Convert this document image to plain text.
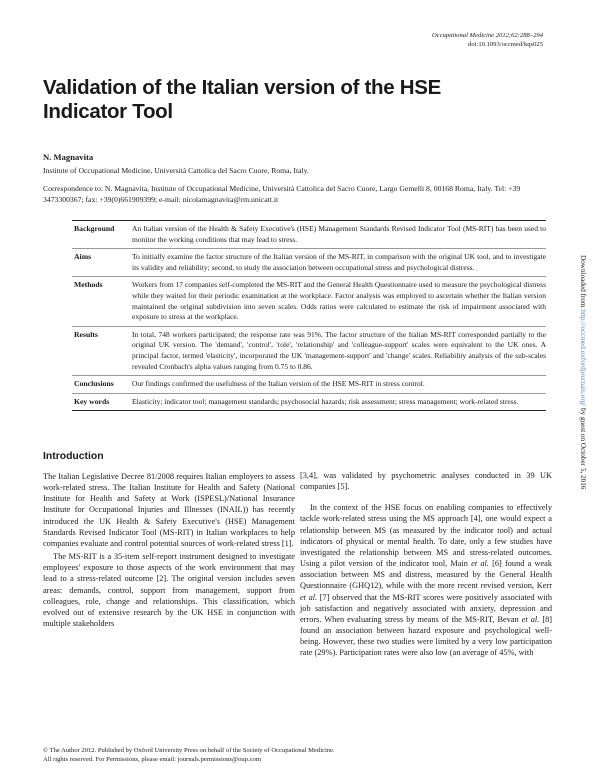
Occupational Medicine 2012;62:288–294
doi:10.1093/occmed/kqs025
Validation of the Italian version of the HSE Indicator Tool
N. Magnavita
Institute of Occupational Medicine, Università Cattolica del Sacro Cuore, Roma, Italy.
Correspondence to: N. Magnavita, Institute of Occupational Medicine, Università Cattolica del Sacro Cuore, Largo Gemelli 8, 00168 Roma, Italy. Tel: +39 3473300367; fax: +39(0)661909399; e-mail: nicolamagnavita@rm.unicatt.it
Background	An Italian version of the Health & Safety Executive's (HSE) Management Standards Revised Indicator Tool (MS-RIT) has been used to monitor the working conditions that may lead to stress.
Aims	To initially examine the factor structure of the Italian version of the MS-RIT, in comparison with the original UK tool, and to investigate its validity and reliability; second, to study the association between occupational stress and psychological distress.
Methods	Workers from 17 companies self-completed the MS-RIT and the General Health Questionnaire used to measure the psychological distress while they waited for their periodic examination at the workplace. Factor analysis was employed to ascertain whether the Italian version maintained the original subdivision into seven scales. Odds ratios were calculated to estimate the risk of impairment associated with exposure to stress at the workplace.
Results	In total, 748 workers participated; the response rate was 91%. The factor structure of the Italian MS-RIT corresponded partially to the original UK version. The 'demand', 'control', 'role', 'relationship' and 'colleague-support' scales were equivalent to the UK ones. A principal factor, termed 'elasticity', incorporated the UK 'management-support' and 'change' scales. Reliability analysis of the sub-scales revealed Cronbach's alpha values ranging from 0.75 to 0.86.
Conclusions	Our findings confirmed the usefulness of the Italian version of the HSE MS-RIT in stress control.
Key words	Elasticity; indicator tool; management standards; psychosocial hazards; risk assessment; stress management; work-related stress.
Downloaded from http://occmed.oxfordjournals.org/ by guest on October 5, 2016
Introduction

The Italian Legislative Decree 81/2008 requires Italian employers to assess work-related stress. The Italian Institute for Health and Safety (National Institute for Health and Safety at Work (ISPESL)/National Insurance Institute for Occupational Injuries and Illnesses (INAIL)) has recently introduced the UK Health & Safety Executive's (HSE) Management Standards Revised Indicator Tool (MS-RIT) in Italian workplaces to help companies evaluate and control potential sources of work-related stress [1].

The MS-RIT is a 35-item self-report instrument designed to investigate employees' exposure to those aspects of the work environment that may lead to a stress-related outcome [2]. The original version includes seven areas: demands, control, support from management, support from colleagues, role, change and relationships. This classification, which evolved out of extensive research by the UK HSE in conjunction with multiple stakeholders

[3,4], was validated by psychometric analyses conducted in 39 UK companies [5].

In the context of the HSE focus on enabling companies to effectively tackle work-related stress using the MS approach [4], one would expect a relationship between MS (as measured by the indicator tool) and actual indicators of physical or mental health. To date, only a few studies have investigated the relationship between MS and stress-related outcomes. Using a pilot version of the indicator tool, Main et al. [6] found a weak association between MS and distress, measured by the General Health Questionnaire (GHQ12), while with the more recent revised version, Kerr et al. [7] observed that the MS-RIT scores were positively associated with job satisfaction and negatively associated with anxiety, depression and errors. When evaluating stress by means of the MS-RIT, Bevan et al. [8] found an association between hazard exposure and psychological well-being. However, these two studies were limited by a very low participation rate (29%). Participation rates were also low (an average of 45%, with

© The Author 2012. Published by Oxford University Press on behalf of the Society of Occupational Medicine.
All rights reserved. For Permissions, please email: journals.permissions@oup.com
